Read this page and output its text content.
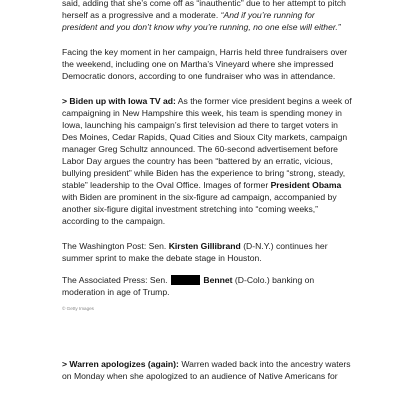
said, adding that she’s come off as “inauthentic” due to her attempt to pitch herself as a progressive and a moderate. “And if you’re running for president and you don’t know why you’re running, no one else will either.”

Facing the key moment in her campaign, Harris held three fundraisers over the weekend, including one on Martha’s Vineyard where she impressed Democratic donors, according to one fundraiser who was in attendance.

> Biden up with Iowa TV ad: As the former vice president begins a week of campaigning in New Hampshire this week, his team is spending money in Iowa, launching his campaign’s first television ad there to target voters in Des Moines, Cedar Rapids, Quad Cities and Sioux City markets, campaign manager Greg Schultz announced. The 60-second advertisement before Labor Day argues the country has been “battered by an erratic, vicious, bullying president” while Biden has the experience to bring “strong, steady, stable” leadership to the Oval Office. Images of former President Obama with Biden are prominent in the six-figure ad campaign, accompanied by another six-figure digital investment stretching into “coming weeks,” according to the campaign.

The Washington Post: Sen. Kirsten Gillibrand (D-N.Y.) continues her summer sprint to make the debate stage in Houston.

The Associated Press: Sen.	Bennet (D-Colo.) banking on moderation in age of Trump.

© Getty Images

> Warren apologizes (again): Warren waded back into the ancestry waters on Monday when she apologized to an audience of Native Americans for
